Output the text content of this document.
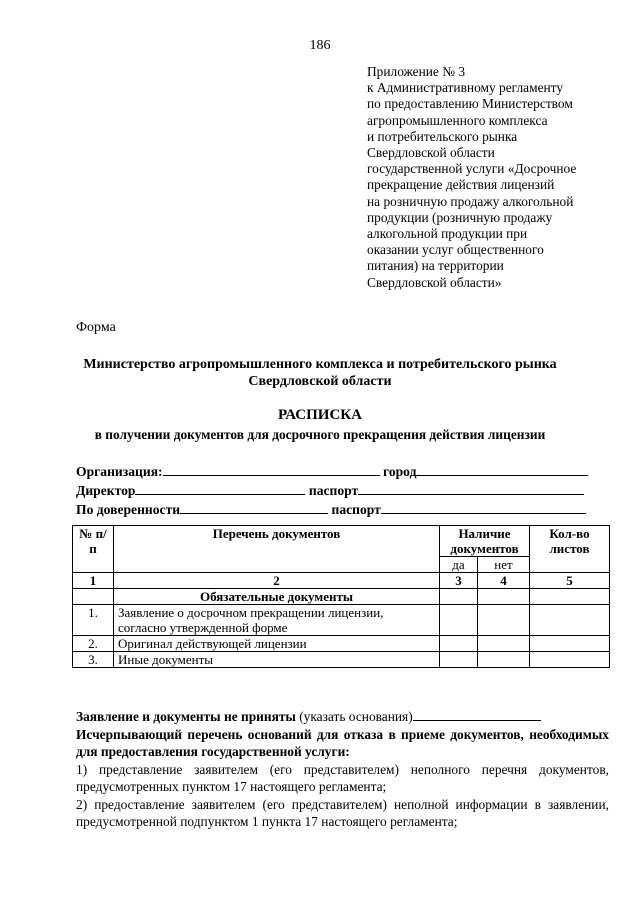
186
Приложение № 3
к Административному регламенту
по предоставлению Министерством
агропромышленного комплекса
и потребительского рынка
Свердловской области
государственной услуги «Досрочное
прекращение действия лицензий
на розничную продажу алкогольной
продукции (розничную продажу
алкогольной продукции при
оказании услуг общественного
питания) на территории
Свердловской области»
Форма
Министерство агропромышленного комплекса и потребительского рынка
Свердловской области
РАСПИСКА
в получении документов для досрочного прекращения действия лицензии
Организация:	город
Директор	паспорт
По доверенности	паспорт
№ п/п	Перечень документов	Наличие документов		Кол-во листов
		да	нет	
1	2	3	4	5
	Обязательные документы			
1.	Заявление о досрочном прекращении лицензии, согласно утвержденной форме			
2.	Оригинал действующей лицензии			
3.	Иные документы			

Заявление и документы не приняты (указать основания)

Исчерпывающий перечень оснований для отказа в приеме документов, необходимых для предоставления государственной услуги:

1) представление заявителем (его представителем) неполного перечня документов, предусмотренных пунктом 17 настоящего регламента;

2) предоставление заявителем (его представителем) неполной информации в заявлении, предусмотренной подпунктом 1 пункта 17 настоящего регламента;
